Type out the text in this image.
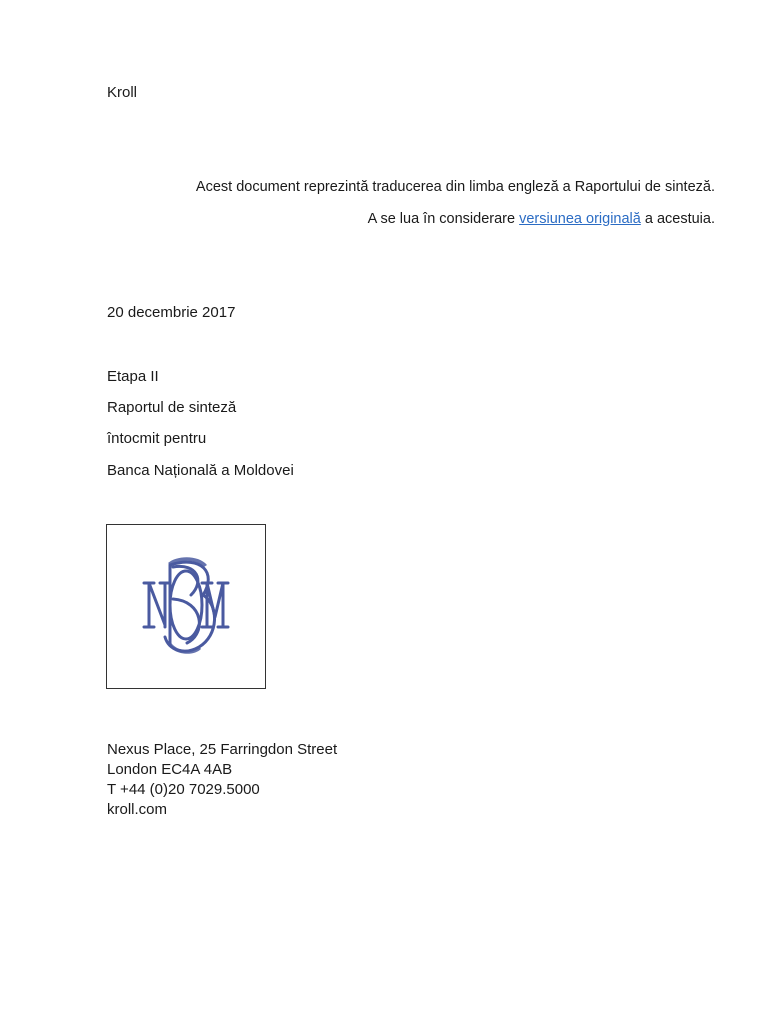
Kroll
Acest document reprezintă traducerea din limba engleză a Raportului de sinteză.
A se lua în considerare versiunea originală a acestuia.
20 decembrie 2017
Etapa II
Raportul de sinteză
întocmit pentru
Banca Națională a Moldovei
Nexus Place, 25 Farringdon Street
London EC4A 4AB
T +44 (0)20 7029.5000
kroll.com
